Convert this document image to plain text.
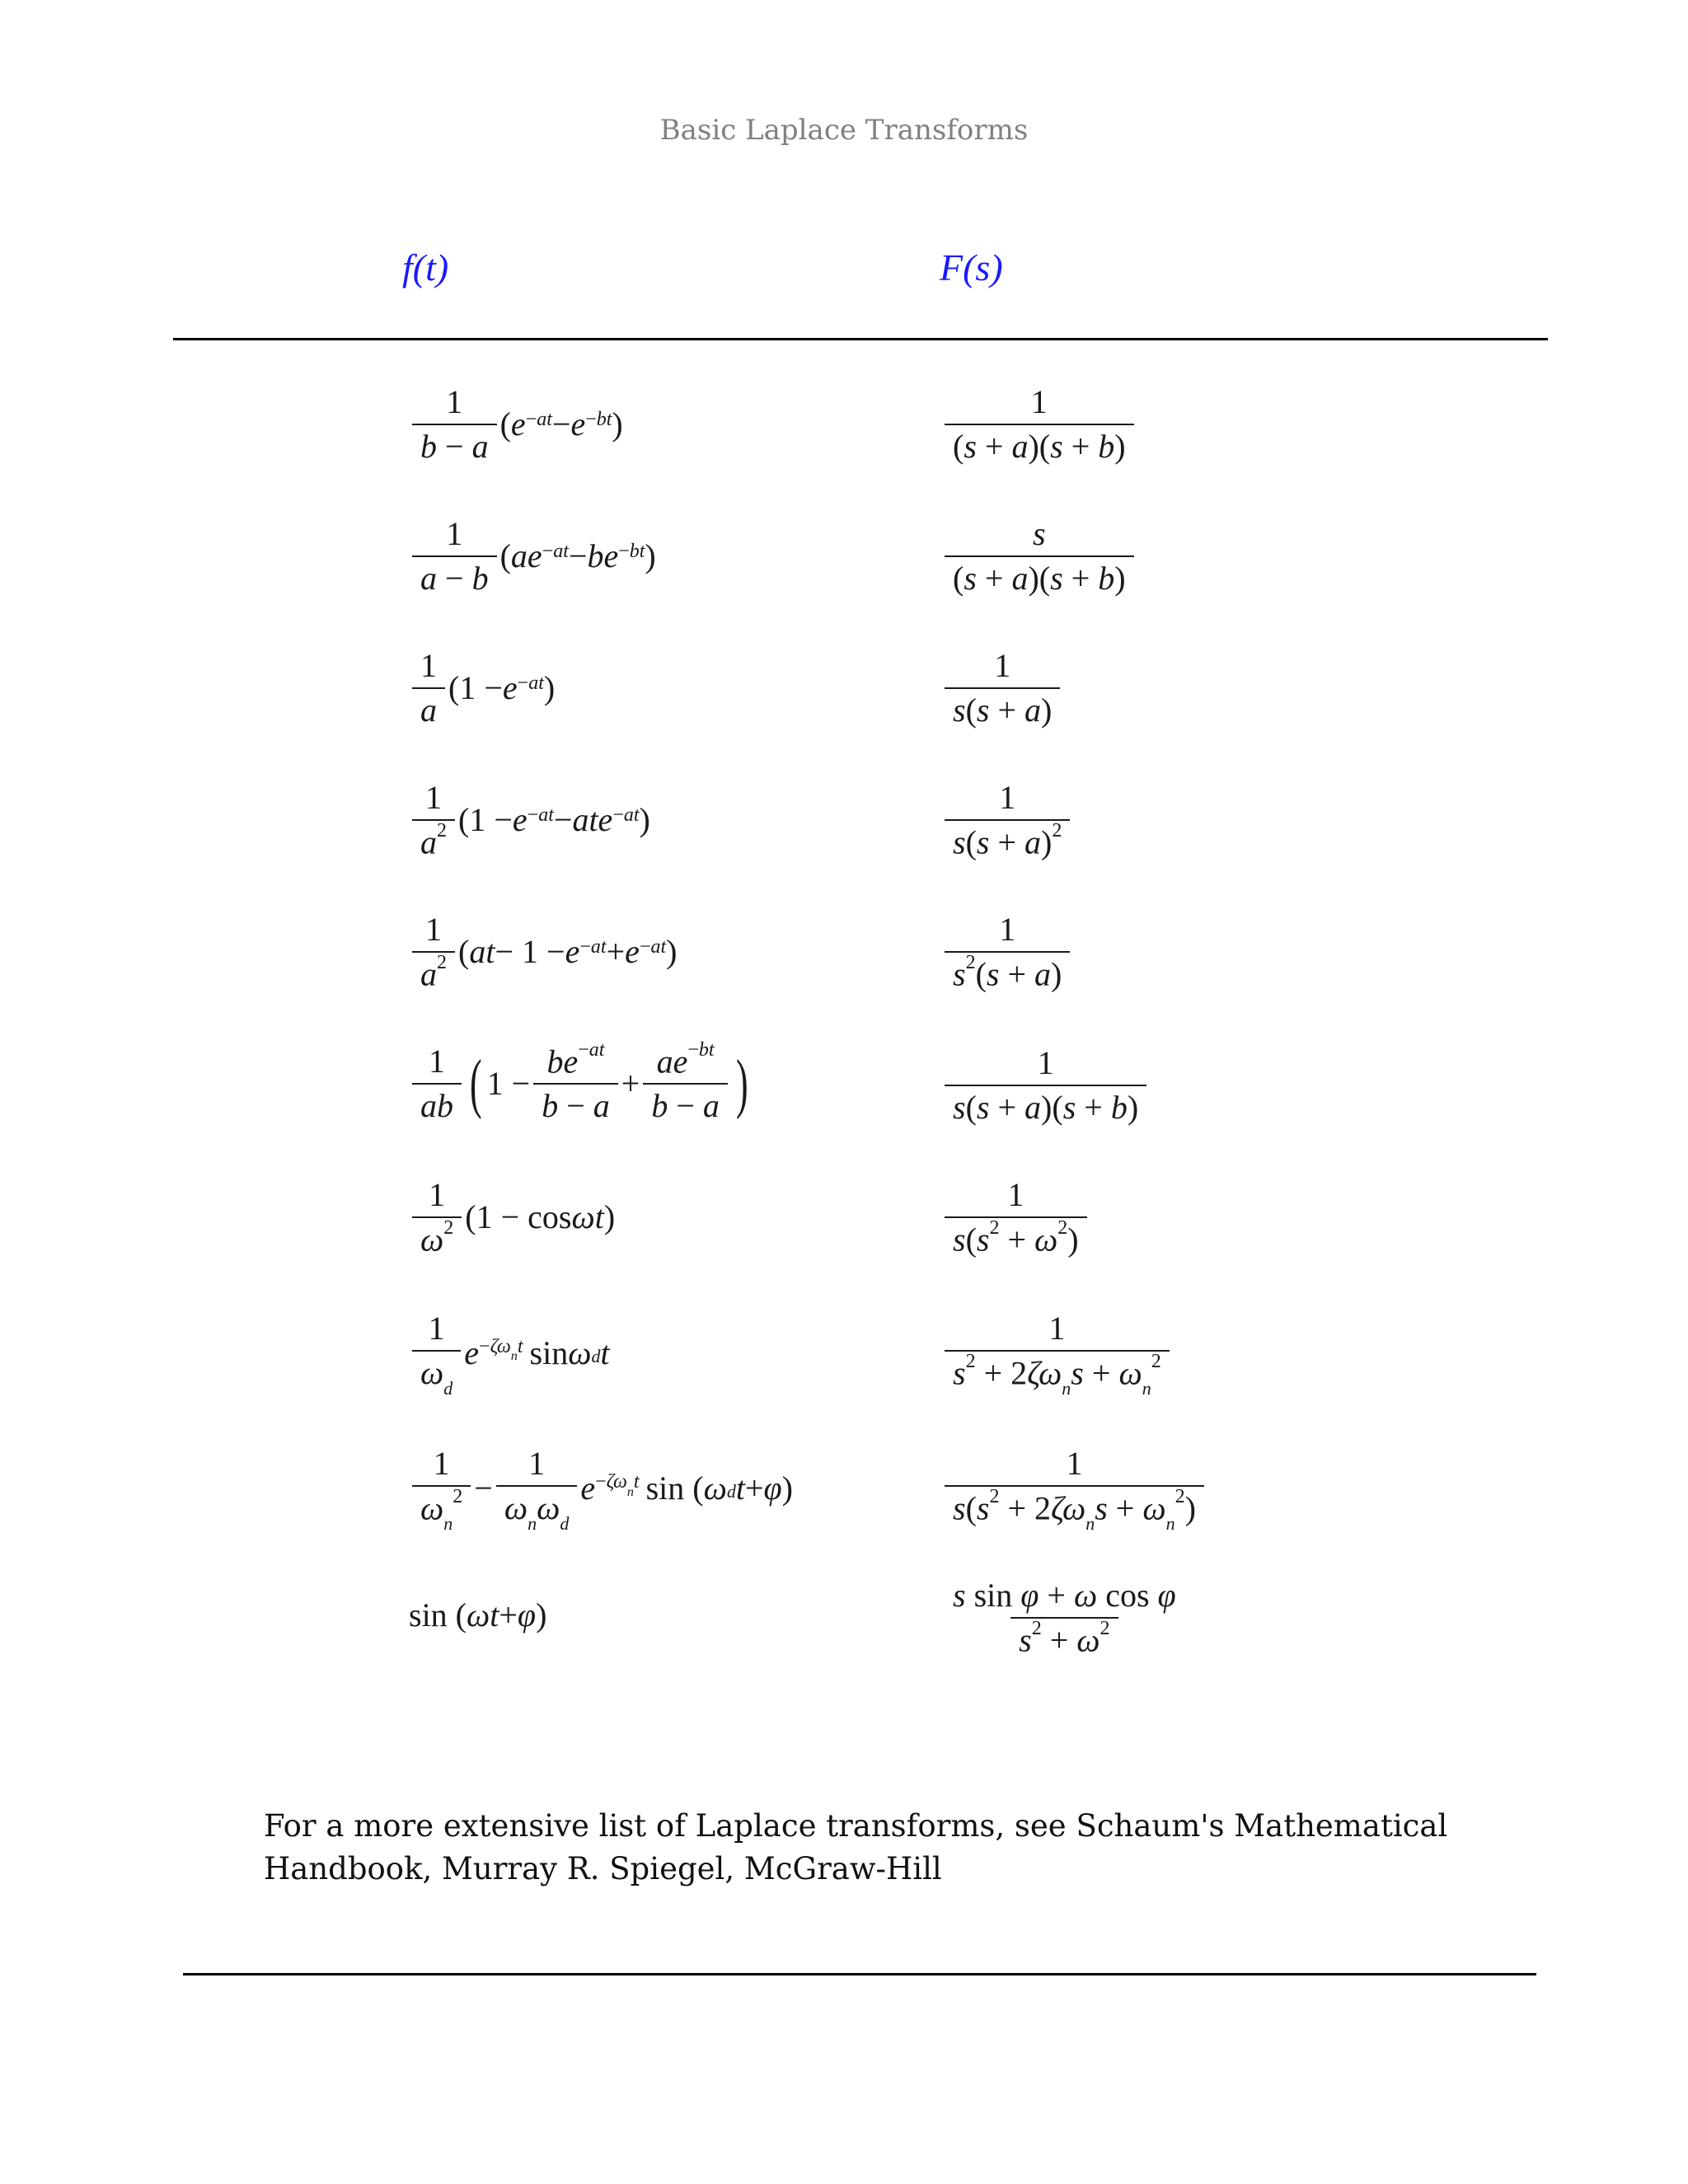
Basic Laplace Transforms
f(t)	F(s)
$\frac{1}{b - a}$ ( $e^{-at} - e^{-bt}$ )	$\frac{1}{(s + a)(s + b)}$
$\frac{1}{a - b}$ ( $ae^{-at} - be^{-bt}$ )	$\frac{s}{(s + a)(s + b)}$
$\frac{1}{a} (1 - e^{-at}$ )	$\frac{1}{s(s + a)}$
$\frac{1}{a^2} (1 - e^{-at} - ate^{-at}$ )	$\frac{1}{s(s + a)^2}$
$\frac{1}{a^2}$ ( at − $1 - e^{-at} + e^{-at}$ )	$\frac{1}{s^2(s + a)}$
$\frac{1}{ab}$ ( $1 - \frac{be^{-at}}{b - a} + \frac{ae^{-bt}}{b - a}$ )	$\frac{1}{s(s + a)(s + b)}$
$\frac{1}{\omega^2} (1 - \cos \omega t$ )	$\frac{1}{s(s^2 + \omega^2)}$
$\frac{1}{\omega_d} e^{-\zeta\omega_nt}$ sin ω $_d$ t	$\frac{1}{s^2 + 2\zeta\omega_ns + \omega_n^2}$
$\frac{1}{\omega_n^2} - \frac{1}{\omega_n\omega_d} e^{-\zeta\omega_nt}$ sin ( ω $_d$ t + φ )	$\frac{1}{s(s^2 + 2\zeta\omega_ns + \omega_n^2)}$
sin ( ωt + φ )	$\frac{\text{s sin φ + ω cos φ}}{s^2 + \omega^2}$
For a more extensive list of Laplace transforms, see Schaum's Mathematical Handbook, Murray R. Spiegel, McGraw-Hill
